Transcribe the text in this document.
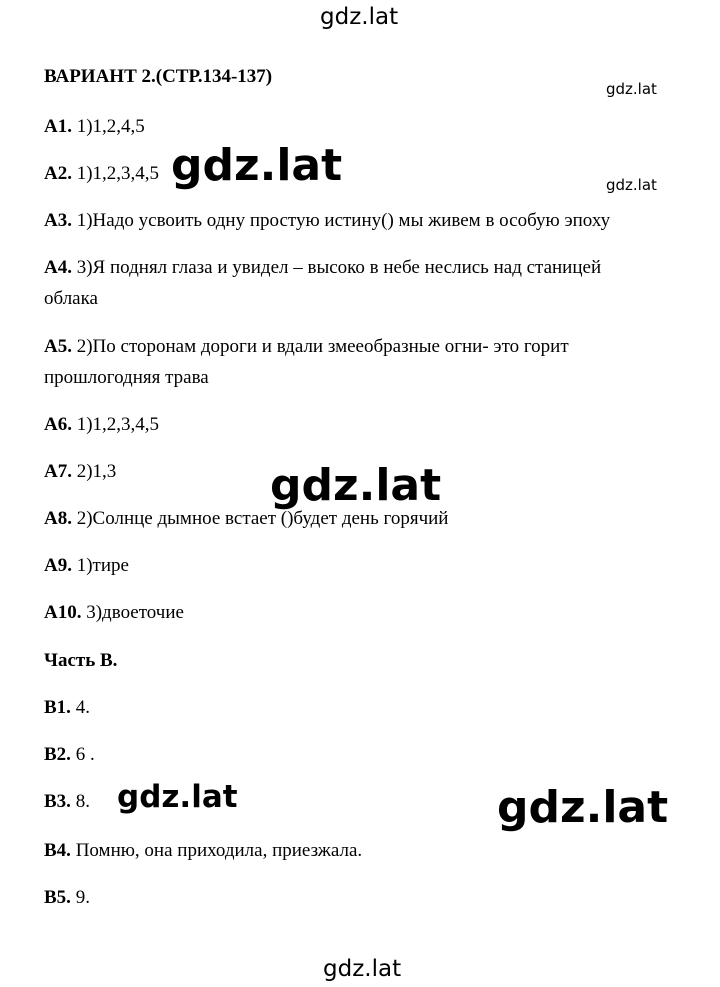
gdz.lat
gdz.lat
gdz.lat
gdz.lat
gdz.lat
gdz.lat
gdz.lat
gdz.lat
ВАРИАНТ 2.(СТР.134-137)
А1. 1)1,2,4,5
А2. 1)1,2,3,4,5
А3. 1)Надо усвоить одну простую истину() мы живем в особую эпоху
А4. 3)Я поднял глаза и увидел – высоко в небе неслись над станицей
облака
А5. 2)По сторонам дороги и вдали змееобразные огни- это горит
прошлогодняя трава
А6. 1)1,2,3,4,5
А7. 2)1,3
А8. 2)Солнце дымное встает ()будет день горячий
А9. 1)тире
А10. 3)двоеточие
Часть В.
В1. 4.
В2. 6 .
В3. 8.
В4. Помню, она приходила, приезжала.
В5. 9.
